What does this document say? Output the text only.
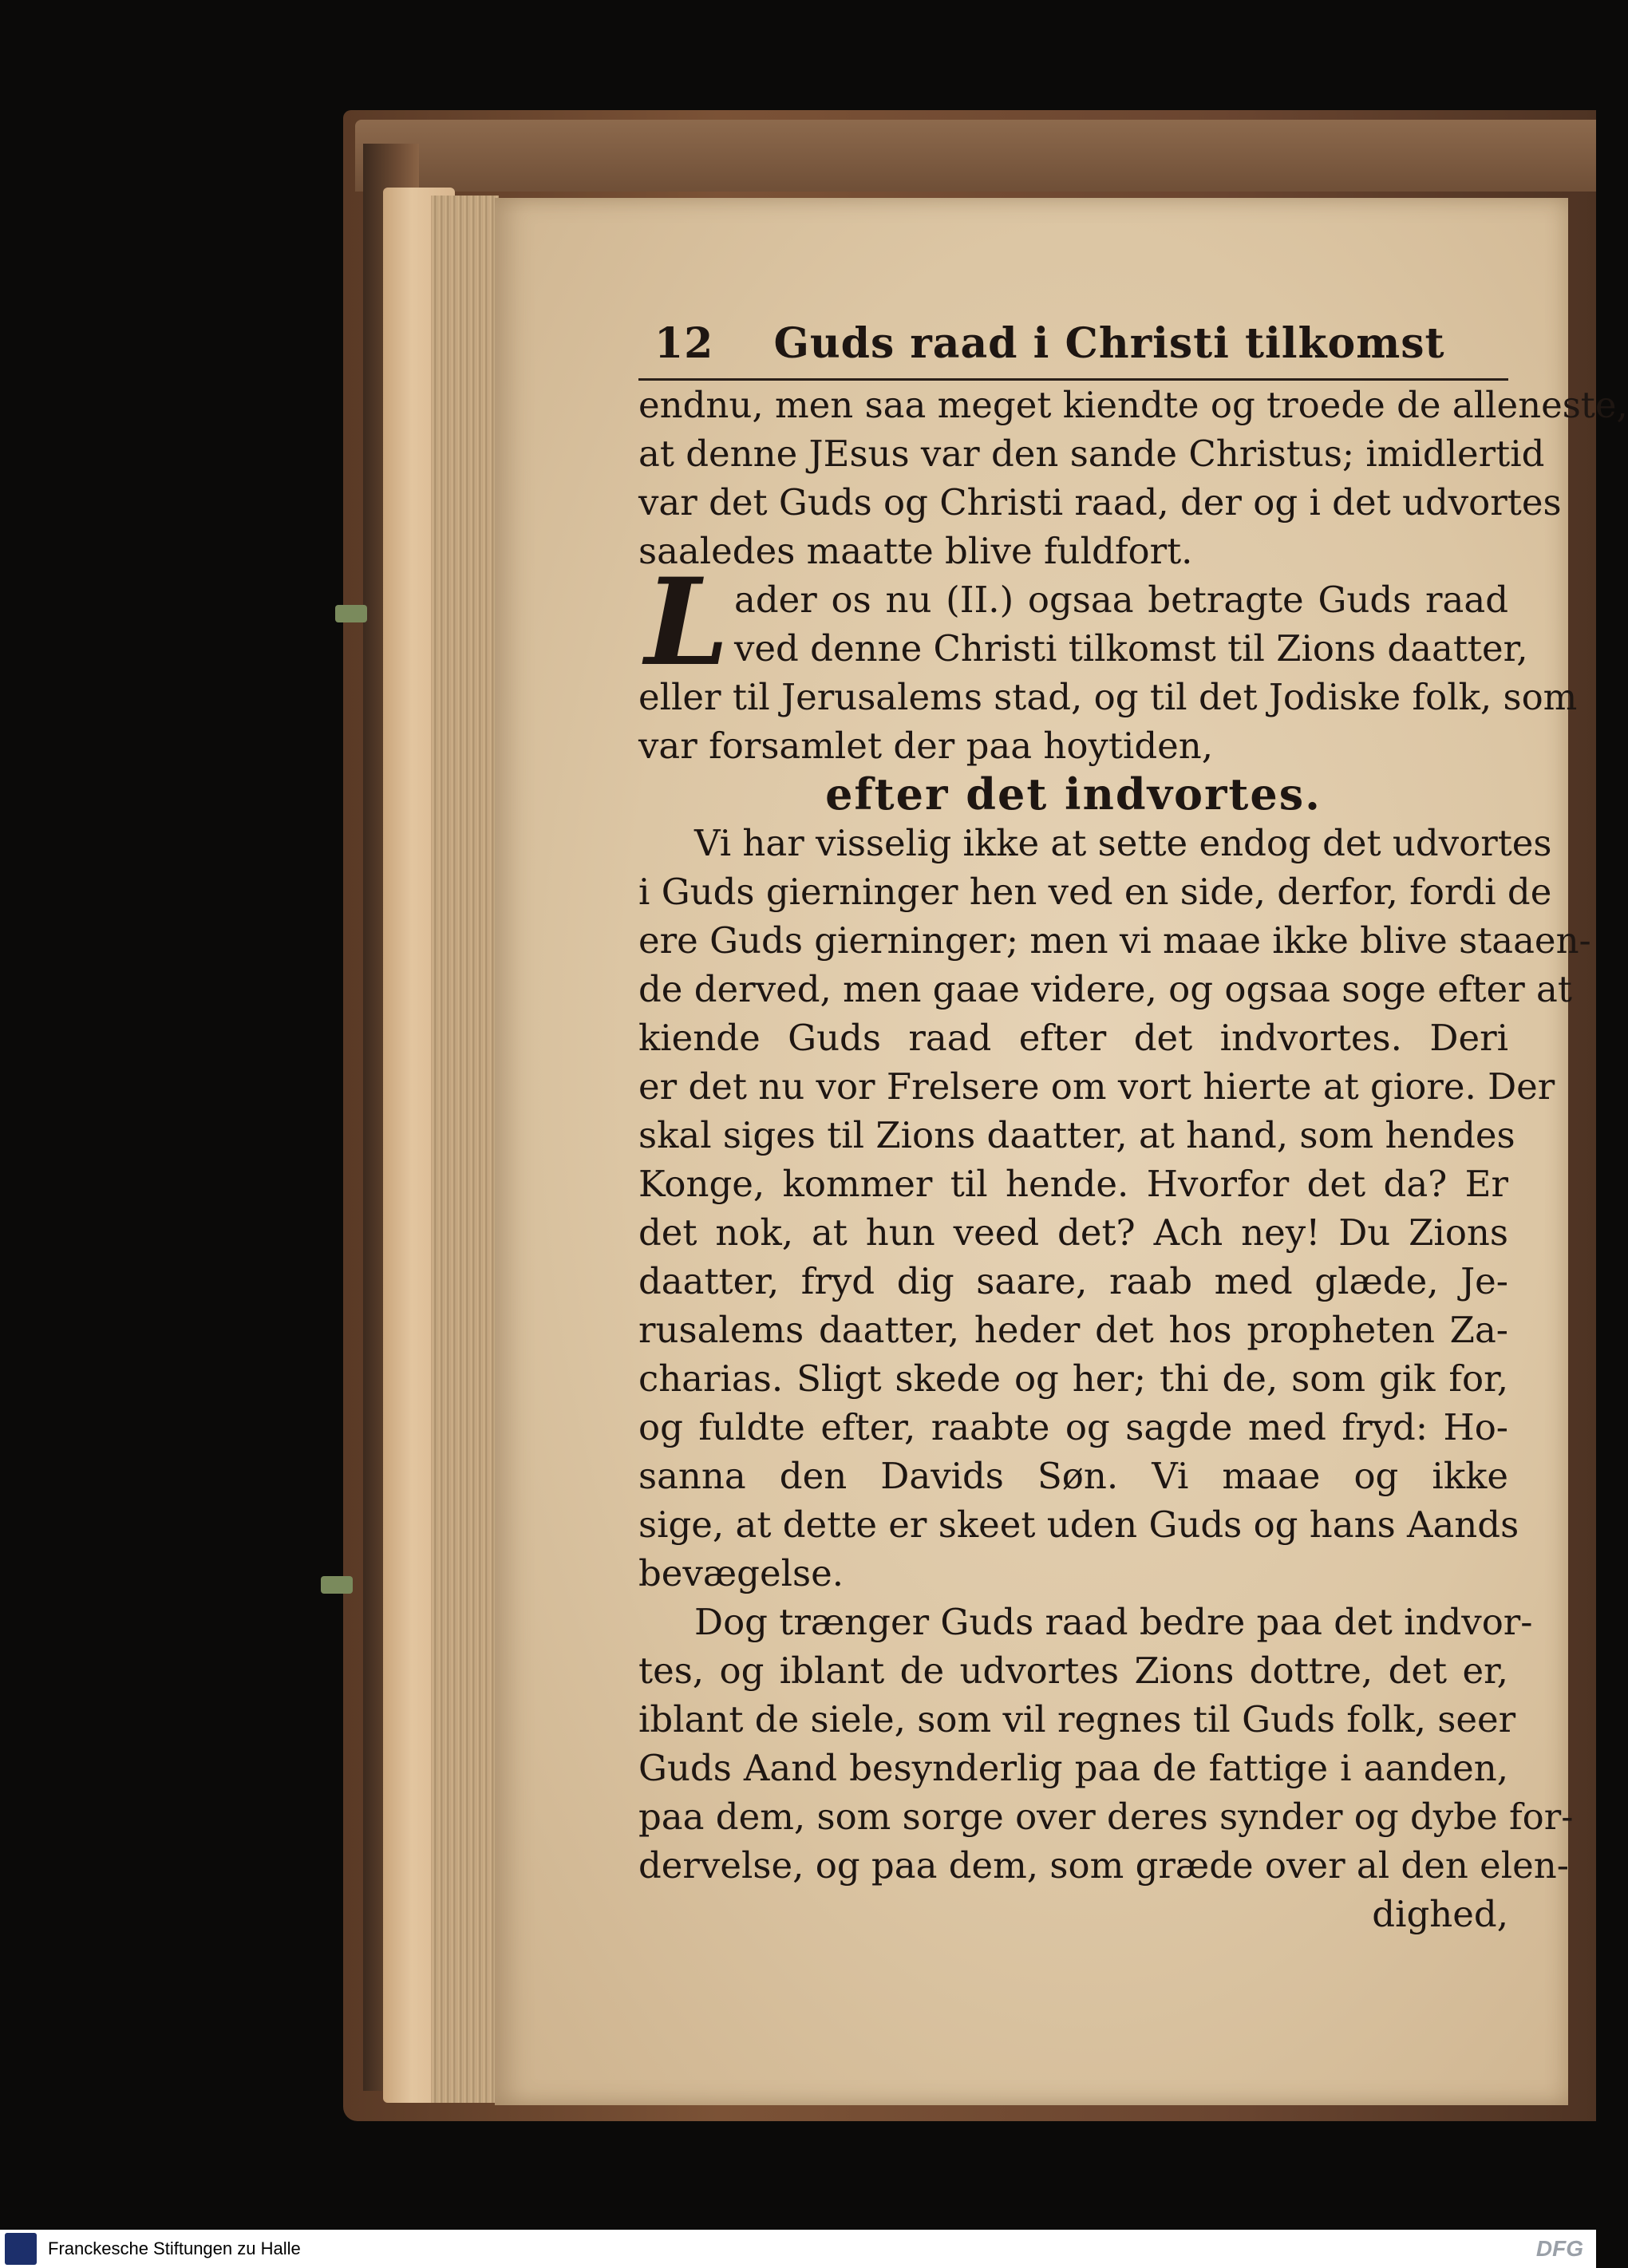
12	Guds raad i Christi tilkomst
endnu, men saa meget kiendte og troede de alleneste,
at denne JEsus var den sande Christus; imidlertid
var det Guds og Christi raad, der og i det udvortes
saaledes maatte blive fuldfort.
L ader os nu (II.) ogsaa betragte Guds raad
ved denne Christi tilkomst til Zions daatter,
eller til Jerusalems stad, og til det Jodiske folk, som
var forsamlet der paa hoytiden,
efter det indvortes.
Vi har visselig ikke at sette endog det udvortes
i Guds gierninger hen ved en side, derfor, fordi de
ere Guds gierninger; men vi maae ikke blive staaen-
de derved, men gaae videre, og ogsaa soge efter at
kiende Guds raad efter det indvortes. Deri
er det nu vor Frelsere om vort hierte at giore. Der
skal siges til Zions daatter, at hand, som hendes
Konge, kommer til hende. Hvorfor det da? Er
det nok, at hun veed det? Ach ney! Du Zions
daatter, fryd dig saare, raab med glæde, Je-
rusalems daatter, heder det hos propheten Za-
charias. Sligt skede og her; thi de, som gik for,
og fuldte efter, raabte og sagde med fryd: Ho-
sanna den Davids Søn. Vi maae og ikke
sige, at dette er skeet uden Guds og hans Aands
bevægelse.
Dog trænger Guds raad bedre paa det indvor-
tes, og iblant de udvortes Zions dottre, det er,
iblant de siele, som vil regnes til Guds folk, seer
Guds Aand besynderlig paa de fattige i aanden,
paa dem, som sorge over deres synder og dybe for-
dervelse, og paa dem, som græde over al den elen-
dighed,
Franckesche Stiftungen zu Halle	DFG
